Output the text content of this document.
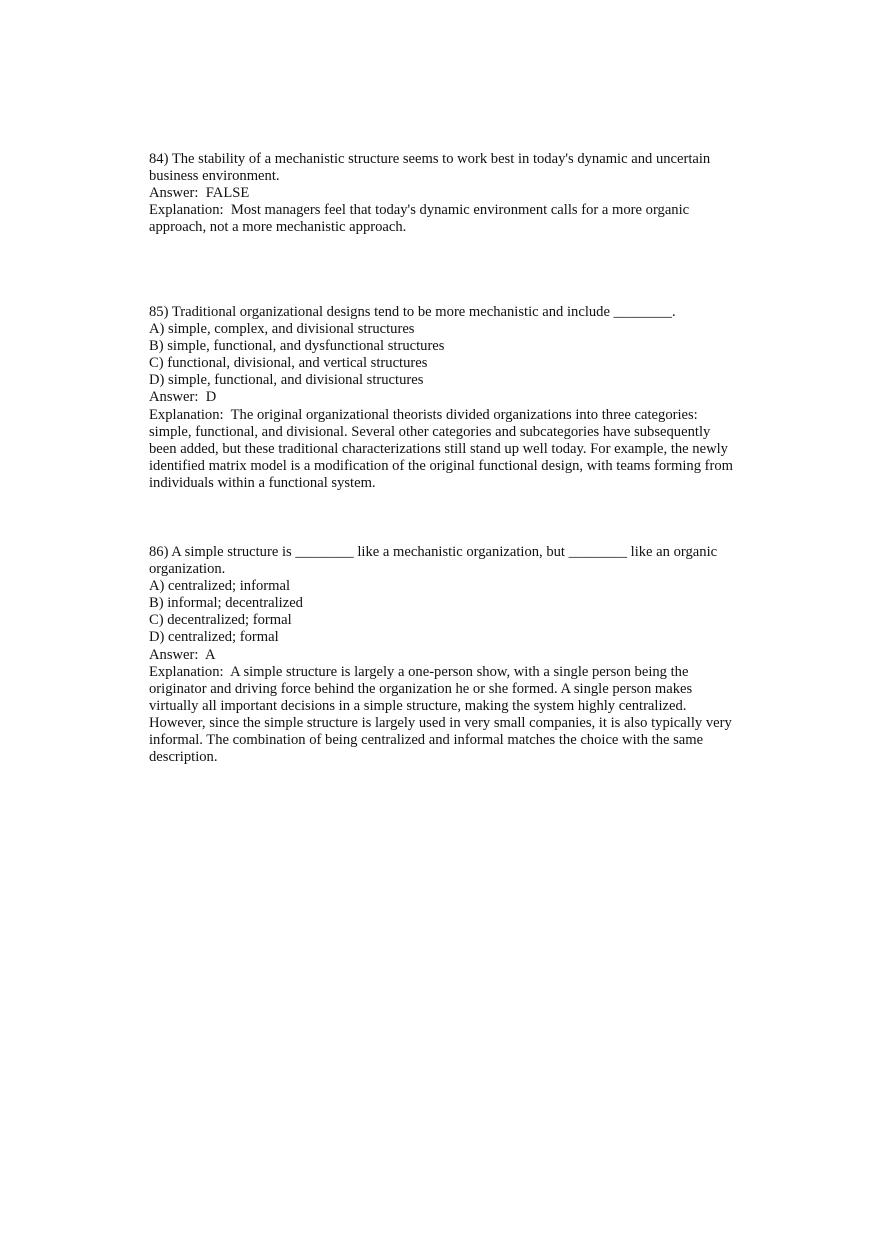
84) The stability of a mechanistic structure seems to work best in today's dynamic and uncertain business environment.
Answer:  FALSE
Explanation:  Most managers feel that today's dynamic environment calls for a more organic approach, not a more mechanistic approach.
85) Traditional organizational designs tend to be more mechanistic and include ________.
A) simple, complex, and divisional structures
B) simple, functional, and dysfunctional structures
C) functional, divisional, and vertical structures
D) simple, functional, and divisional structures
Answer:  D
Explanation:  The original organizational theorists divided organizations into three categories: simple, functional, and divisional. Several other categories and subcategories have subsequently been added, but these traditional characterizations still stand up well today. For example, the newly identified matrix model is a modification of the original functional design, with teams forming from individuals within a functional system.
86) A simple structure is ________ like a mechanistic organization, but ________ like an organic organization.
A) centralized; informal
B) informal; decentralized
C) decentralized; formal
D) centralized; formal
Answer:  A
Explanation:  A simple structure is largely a one-person show, with a single person being the originator and driving force behind the organization he or she formed. A single person makes virtually all important decisions in a simple structure, making the system highly centralized. However, since the simple structure is largely used in very small companies, it is also typically very informal. The combination of being centralized and informal matches the choice with the same description.
